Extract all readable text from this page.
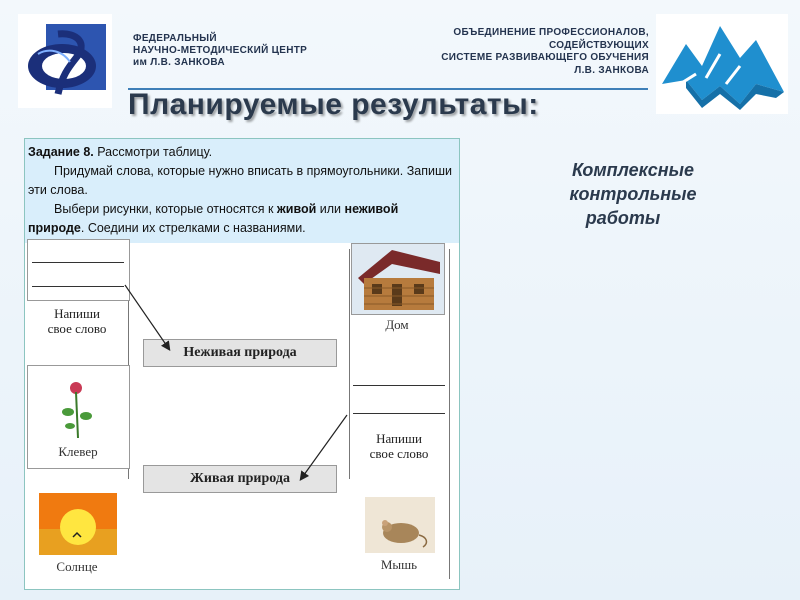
ФЕДЕРАЛЬНЫЙ
НАУЧНО-МЕТОДИЧЕСКИЙ ЦЕНТР
им Л.В. ЗАНКОВА
ОБЪЕДИНЕНИЕ ПРОФЕССИОНАЛОВ,
СОДЕЙСТВУЮЩИХ
СИСТЕМЕ РАЗВИВАЮЩЕГО ОБУЧЕНИЯ
Л.В. ЗАНКОВА
Планируемые результаты:
Комплексные
контрольные
работы

Задание 8. Рассмотри таблицу.

Придумай слова, которые нужно вписать в прямоугольники. Запиши эти слова.

Выбери рисунки, которые относятся к живой или неживой природе. Соедини их стрелками с названиями.

Напиши
свое слово	Дом
Неживая природа
Клевер
Напиши
свое слово
Живая природа
Солнце	Мышь
